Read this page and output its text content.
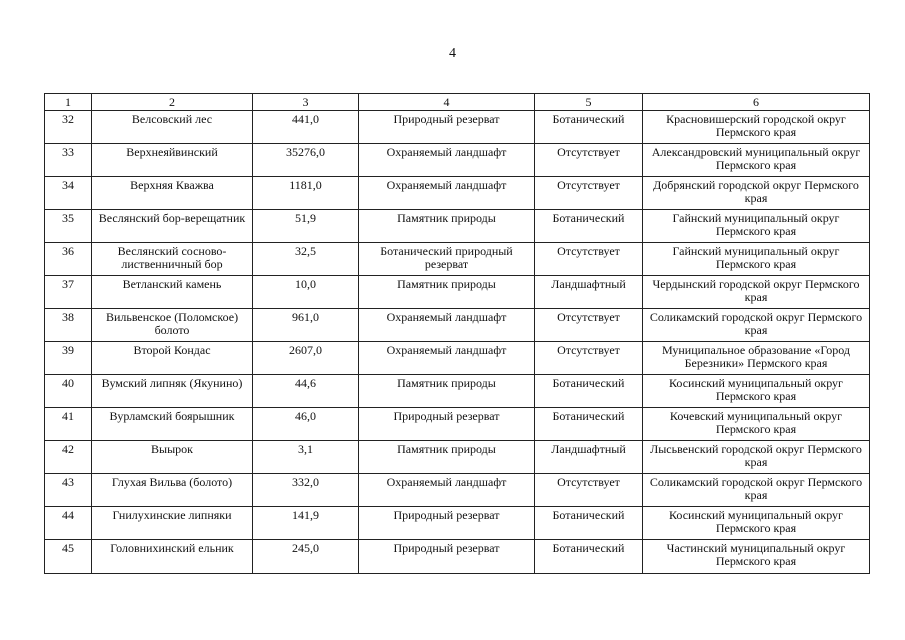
4
1	2	3	4	5	6
32	Велсовский лес	441,0	Природный резерват	Ботанический	Красновишерский городской округ Пермского края
33	Верхнеяйвинский	35276,0	Охраняемый ландшафт	Отсутствует	Александровский муниципальный округ Пермского края
34	Верхняя Кважва	1181,0	Охраняемый ландшафт	Отсутствует	Добрянский городской округ Пермского края
35	Веслянский бор-верещатник	51,9	Памятник природы	Ботанический	Гайнский муниципальный округ Пермского края
36	Веслянский сосново-лиственничный бор	32,5	Ботанический природный резерват	Отсутствует	Гайнский муниципальный округ Пермского края
37	Ветланский камень	10,0	Памятник природы	Ландшафтный	Чердынский городской округ Пермского края
38	Вильвенское (Поломское) болото	961,0	Охраняемый ландшафт	Отсутствует	Соликамский городской округ Пермского края
39	Второй Кондас	2607,0	Охраняемый ландшафт	Отсутствует	Муниципальное образование «Город Березники» Пермского края
40	Вумский липняк (Якунино)	44,6	Памятник природы	Ботанический	Косинский муниципальный округ Пермского края
41	Вурламский боярышник	46,0	Природный резерват	Ботанический	Кочевский муниципальный округ Пермского края
42	Выырок	3,1	Памятник природы	Ландшафтный	Лысьвенский городской округ Пермского края
43	Глухая Вильва (болото)	332,0	Охраняемый ландшафт	Отсутствует	Соликамский городской округ Пермского края
44	Гнилухинские липняки	141,9	Природный резерват	Ботанический	Косинский муниципальный округ Пермского края
45	Головнихинский ельник	245,0	Природный резерват	Ботанический	Частинский муниципальный округ Пермского края
